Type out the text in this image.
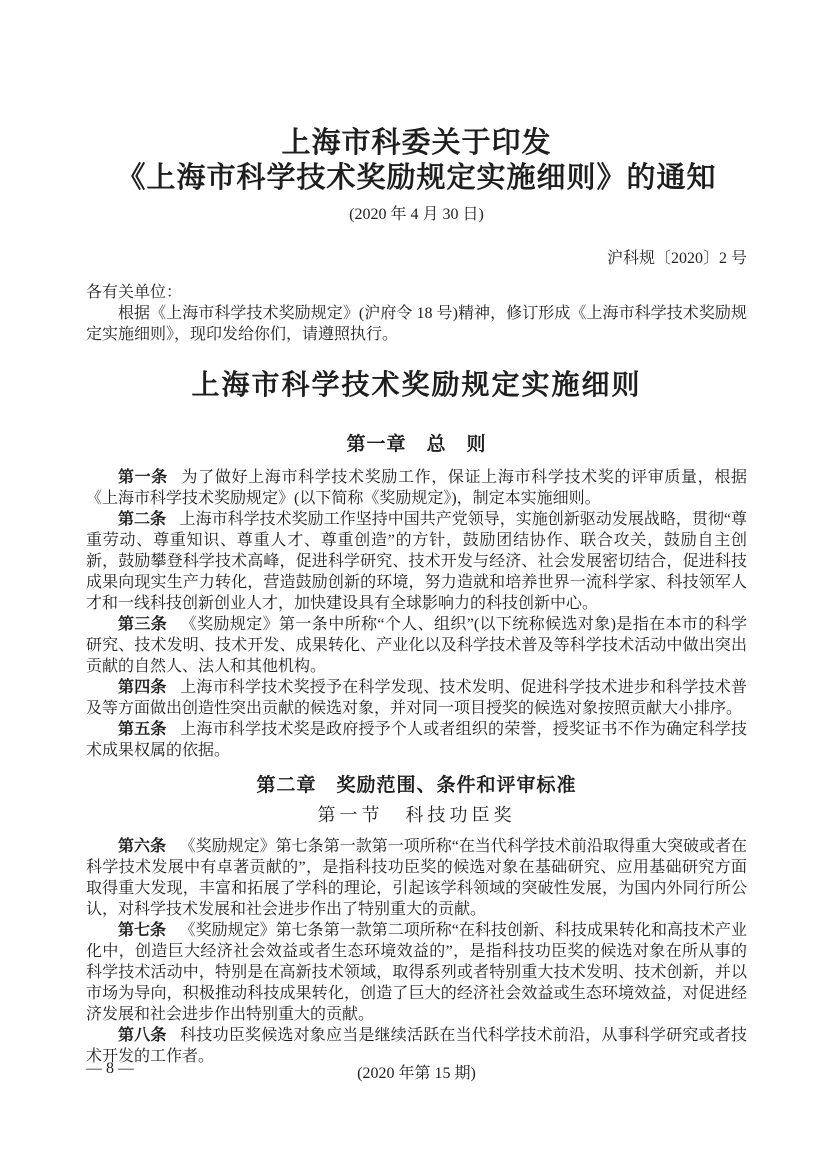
上海市科委关于印发
《上海市科学技术奖励规定实施细则》的通知
(2020 年 4 月 30 日)
沪科规〔2020〕2 号
各有关单位：

根据《上海市科学技术奖励规定》(沪府令 18 号)精神，修订形成《上海市科学技术奖励规定实施细则》，现印发给你们，请遵照执行。

上海市科学技术奖励规定实施细则
第一章　总　则

第一条 为了做好上海市科学技术奖励工作，保证上海市科学技术奖的评审质量，根据《上海市科学技术奖励规定》(以下简称《奖励规定》)，制定本实施细则。

第二条 上海市科学技术奖励工作坚持中国共产党领导，实施创新驱动发展战略，贯彻“尊重劳动、尊重知识、尊重人才、尊重创造”的方针，鼓励团结协作、联合攻关，鼓励自主创新，鼓励攀登科学技术高峰，促进科学研究、技术开发与经济、社会发展密切结合，促进科技成果向现实生产力转化，营造鼓励创新的环境，努力造就和培养世界一流科学家、科技领军人才和一线科技创新创业人才，加快建设具有全球影响力的科技创新中心。

第三条 《奖励规定》第一条中所称“个人、组织”(以下统称候选对象)是指在本市的科学研究、技术发明、技术开发、成果转化、产业化以及科学技术普及等科学技术活动中做出突出贡献的自然人、法人和其他机构。

第四条 上海市科学技术奖授予在科学发现、技术发明、促进科学技术进步和科学技术普及等方面做出创造性突出贡献的候选对象，并对同一项目授奖的候选对象按照贡献大小排序。

第五条 上海市科学技术奖是政府授予个人或者组织的荣誉，授奖证书不作为确定科学技术成果权属的依据。

第二章　奖励范围、条件和评审标准
第一节　科技功臣奖

第六条 《奖励规定》第七条第一款第一项所称“在当代科学技术前沿取得重大突破或者在科学技术发展中有卓著贡献的”，是指科技功臣奖的候选对象在基础研究、应用基础研究方面取得重大发现，丰富和拓展了学科的理论，引起该学科领域的突破性发展，为国内外同行所公认，对科学技术发展和社会进步作出了特别重大的贡献。

第七条 《奖励规定》第七条第一款第二项所称“在科技创新、科技成果转化和高技术产业化中，创造巨大经济社会效益或者生态环境效益的”，是指科技功臣奖的候选对象在所从事的科学技术活动中，特别是在高新技术领域，取得系列或者特别重大技术发明、技术创新，并以市场为导向，积极推动科技成果转化，创造了巨大的经济社会效益或生态环境效益，对促进经济发展和社会进步作出特别重大的贡献。

第八条 科技功臣奖候选对象应当是继续活跃在当代科学技术前沿，从事科学研究或者技术开发的工作者。

— 8 —	(2020 年第 15 期)
